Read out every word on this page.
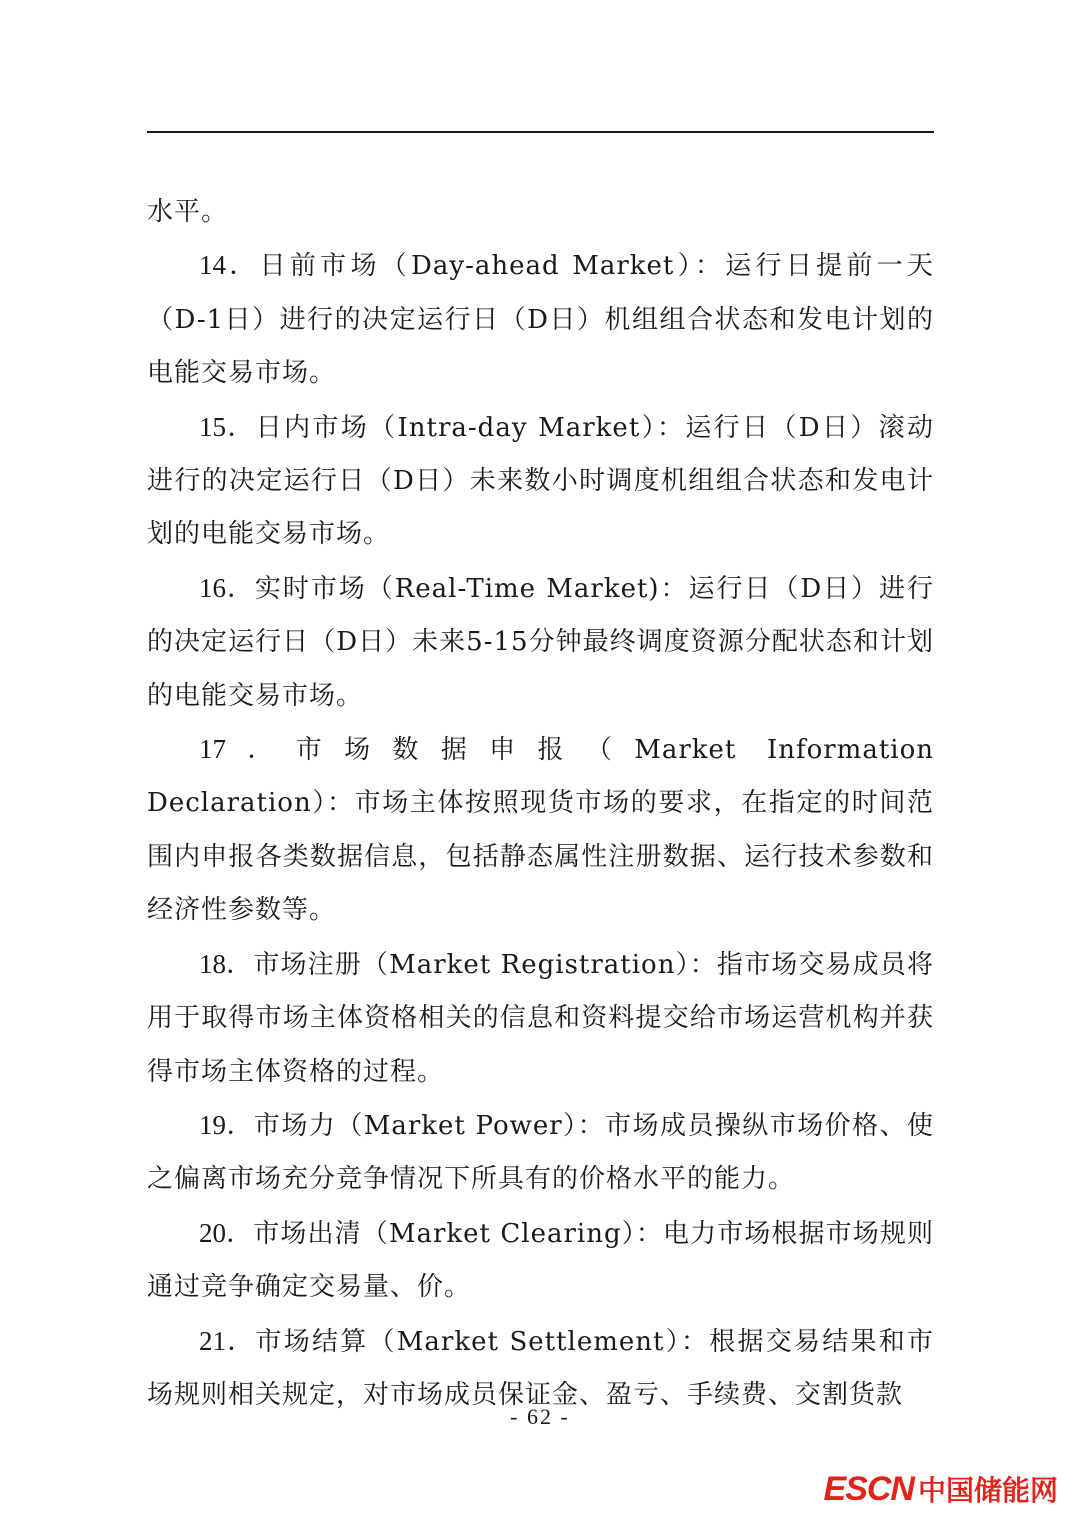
水平。

14．日前市场（Day-ahead Market）：运行日提前一天（D-1日）进行的决定运行日（D日）机组组合状态和发电计划的电能交易市场。

15．日内市场（Intra-day Market）：运行日（D日）滚动进行的决定运行日（D日）未来数小时调度机组组合状态和发电计划的电能交易市场。

16．实时市场（Real-Time Market)：运行日（D日）进行的决定运行日（D日）未来5-15分钟最终调度资源分配状态和计划的电能交易市场。

17．市场数据申报（Market Information Declaration）：市场主体按照现货市场的要求，在指定的时间范围内申报各类数据信息，包括静态属性注册数据、运行技术参数和经济性参数等。

18．市场注册（Market Registration）：指市场交易成员将用于取得市场主体资格相关的信息和资料提交给市场运营机构并获得市场主体资格的过程。

19．市场力（Market Power）：市场成员操纵市场价格、使之偏离市场充分竞争情况下所具有的价格水平的能力。

20．市场出清（Market Clearing）：电力市场根据市场规则通过竞争确定交易量、价。

21．市场结算（Market Settlement）：根据交易结果和市场规则相关规定，对市场成员保证金、盈亏、手续费、交割货款

- 62 -
ESCN 中国储能网
